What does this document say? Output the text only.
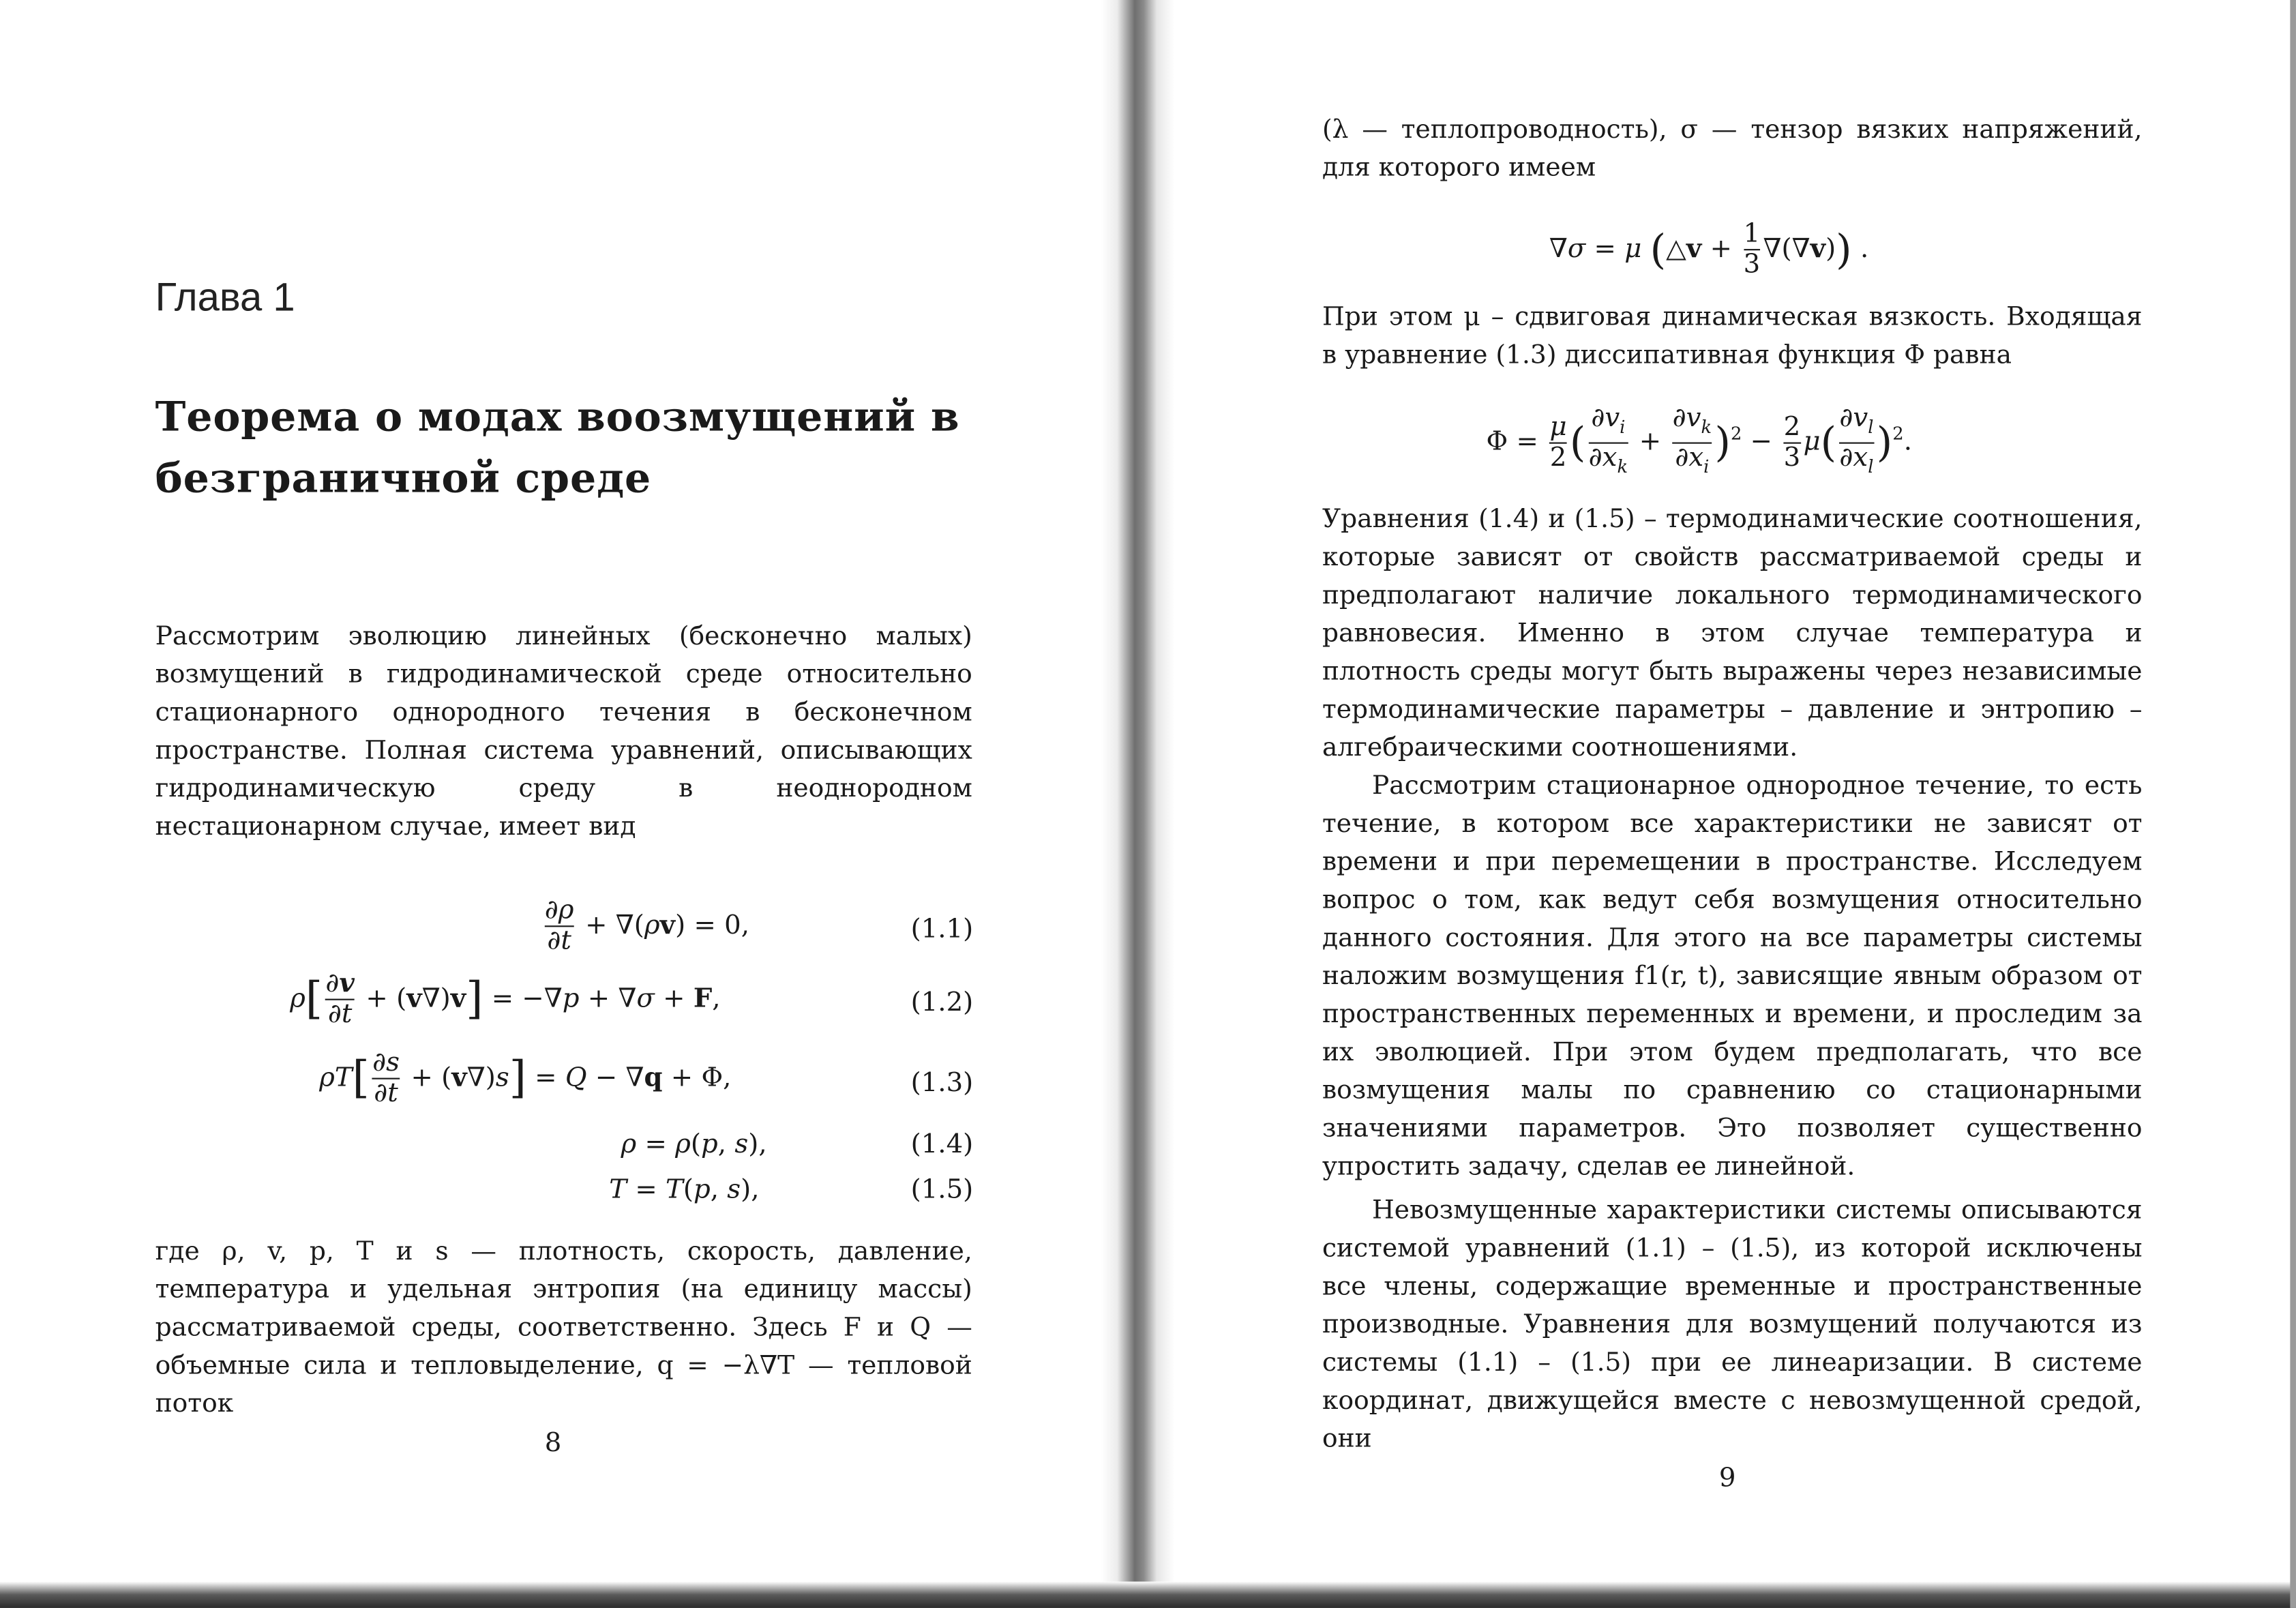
Глава 1
Теорема о модах воозмущений в безграничной среде
Рассмотрим эволюцию линейных (бесконечно малых) возмущений в гидродинамической среде относительно стационарного однородного течения в бесконечном пространстве. Полная система уравнений, описывающих гидродинамическую среду в неоднородном нестационарном случае, имеет вид
$\frac{\partial\rho}{\partial t} + \nabla(\rho v) = 0$,	(1.1)
$\rho[ \frac{\partial v}{\partial t} + (v\nabla)v] = -\nabla p + \nabla\sigma + F$,	(1.2)
$\rho T[ \frac{\partial s}{\partial t} + (v\nabla)s] = Q - \nabla q + \Phi$,	(1.3)
ρ = ρ(p, s),	(1.4)
T = T(p, s),	(1.5)
где ρ, v, p, T и s — плотность, скорость, давление, температура и удельная энтропия (на единицу массы) рассматриваемой среды, соответственно. Здесь F и Q — объемные сила и тепловыделение, q = −λ∇T — тепловой поток
8
(λ — теплопроводность), σ — тензор вязких напряжений, для которого имеем
∇σ = μ (△v + $\frac{1}{3} \nabla(\nabla v)$) .
При этом μ – сдвиговая динамическая вязкость. Входящая в уравнение (1.3) диссипативная функция Φ равна
$\Phi = \frac{\mu}{2}$ ( $\frac{\partial v_i}{\partial x_k} + \frac{\partial v_k}{\partial x_i} )^2 - \frac{2}{3} \mu( \frac{\partial v_l}{\partial x_l} )^2$.

Уравнения (1.4) и (1.5) – термодинамические соотношения, которые зависят от свойств рассматриваемой среды и предполагают наличие локального термодинамического равновесия. Именно в этом случае температура и плотность среды могут быть выражены через независимые термодинамические параметры – давление и энтропию – алгебраическими соотношениями.

Рассмотрим стационарное однородное течение, то есть течение, в котором все характеристики не зависят от времени и при перемещении в пространстве. Исследуем вопрос о том, как ведут себя возмущения относительно данного состояния. Для этого на все параметры системы наложим возмущения f1(r, t), зависящие явным образом от пространственных переменных и времени, и проследим за их эволюцией. При этом будем предполагать, что все возмущения малы по сравнению со стационарными значениями параметров. Это позволяет существенно упростить задачу, сделав ее линейной.

Невозмущенные характеристики системы описываются системой уравнений (1.1) – (1.5), из которой исключены все члены, содержащие временные и пространственные производные. Уравнения для возмущений получаются из системы (1.1) – (1.5) при ее линеаризации. В системе координат, движущейся вместе с невозмущенной средой, они

9
